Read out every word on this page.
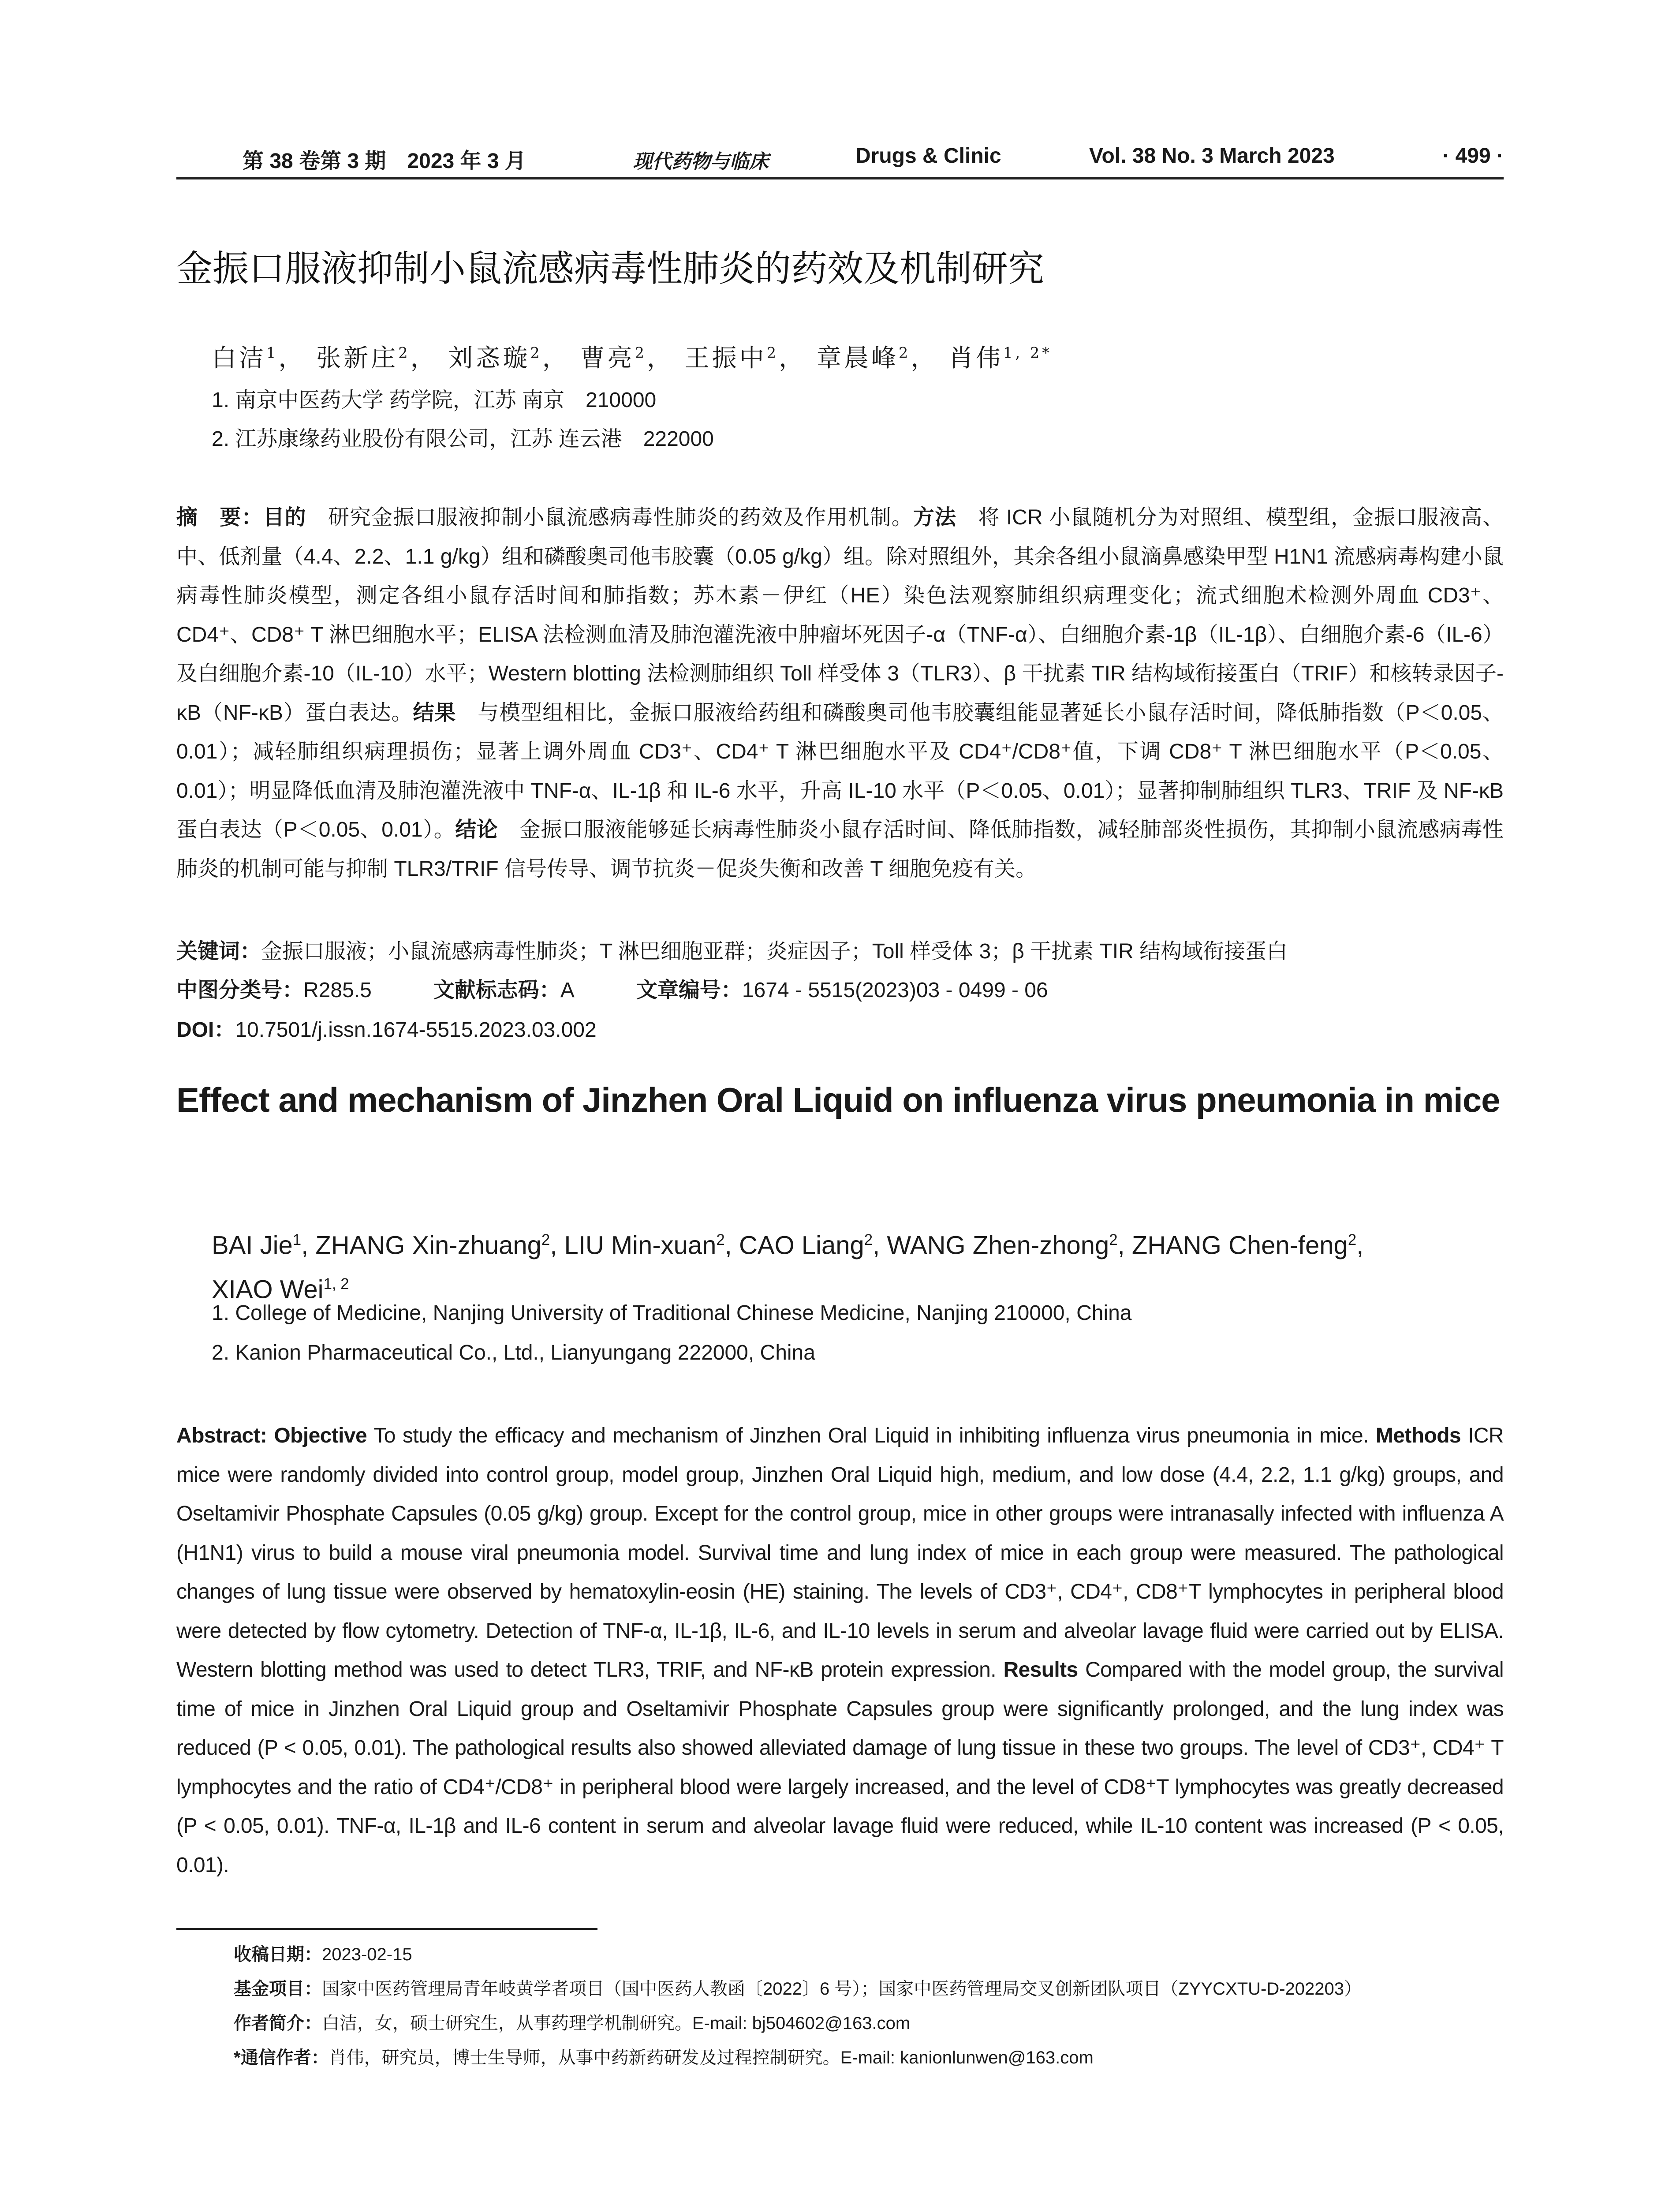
第 38 卷第 3 期　2023 年 3 月	现代药物与临床	Drugs & Clinic	Vol. 38 No. 3 March 2023	· 499 ·
金振口服液抑制小鼠流感病毒性肺炎的药效及机制研究
白洁$^1$， 张新庄$^2$， 刘忞璇$^2$， 曹亮$^2$， 王振中$^2$， 章晨峰$^2$， 肖伟$^{1, 2*}$
1. 南京中医药大学 药学院，江苏 南京　210000
2. 江苏康缘药业股份有限公司，江苏 连云港　222000
摘　要：目的　研究金振口服液抑制小鼠流感病毒性肺炎的药效及作用机制。方法　将 ICR 小鼠随机分为对照组、模型组，金振口服液高、中、低剂量（4.4、2.2、1.1 g/kg）组和磷酸奥司他韦胶囊（0.05 g/kg）组。除对照组外，其余各组小鼠滴鼻感染甲型 H1N1 流感病毒构建小鼠病毒性肺炎模型，测定各组小鼠存活时间和肺指数；苏木素－伊红（HE）染色法观察肺组织病理变化；流式细胞术检测外周血 CD3⁺、CD4⁺、CD8⁺ T 淋巴细胞水平；ELISA 法检测血清及肺泡灌洗液中肿瘤坏死因子-α（TNF-α）、白细胞介素-1β（IL-1β）、白细胞介素-6（IL-6）及白细胞介素-10（IL-10）水平；Western blotting 法检测肺组织 Toll 样受体 3（TLR3）、β 干扰素 TIR 结构域衔接蛋白（TRIF）和核转录因子-κB（NF-κB）蛋白表达。结果　与模型组相比，金振口服液给药组和磷酸奥司他韦胶囊组能显著延长小鼠存活时间，降低肺指数（P＜0.05、0.01）；减轻肺组织病理损伤；显著上调外周血 CD3⁺、CD4⁺ T 淋巴细胞水平及 CD4⁺/CD8⁺值，下调 CD8⁺ T 淋巴细胞水平（P＜0.05、0.01）；明显降低血清及肺泡灌洗液中 TNF-α、IL-1β 和 IL-6 水平，升高 IL-10 水平（P＜0.05、0.01）；显著抑制肺组织 TLR3、TRIF 及 NF-κB 蛋白表达（P＜0.05、0.01）。结论　金振口服液能够延长病毒性肺炎小鼠存活时间、降低肺指数，减轻肺部炎性损伤，其抑制小鼠流感病毒性肺炎的机制可能与抑制 TLR3/TRIF 信号传导、调节抗炎－促炎失衡和改善 T 细胞免疫有关。
关键词：金振口服液；小鼠流感病毒性肺炎；T 淋巴细胞亚群；炎症因子；Toll 样受体 3；β 干扰素 TIR 结构域衔接蛋白
中图分类号：R285.5	文献标志码：A	文章编号：1674 - 5515(2023)03 - 0499 - 06
DOI：10.7501/j.issn.1674-5515.2023.03.002
Effect and mechanism of Jinzhen Oral Liquid on influenza virus pneumonia in mice
BAI Jie$^1$, ZHANG Xin-zhuang$^2$, LIU Min-xuan$^2$, CAO Liang$^2$, WANG Zhen-zhong$^2$, ZHANG Chen-feng$^2$,
XIAO Wei$^{1, 2}$
1. College of Medicine, Nanjing University of Traditional Chinese Medicine, Nanjing 210000, China
2. Kanion Pharmaceutical Co., Ltd., Lianyungang 222000, China
Abstract: Objective To study the efficacy and mechanism of Jinzhen Oral Liquid in inhibiting influenza virus pneumonia in mice. Methods ICR mice were randomly divided into control group, model group, Jinzhen Oral Liquid high, medium, and low dose (4.4, 2.2, 1.1 g/kg) groups, and Oseltamivir Phosphate Capsules (0.05 g/kg) group. Except for the control group, mice in other groups were intranasally infected with influenza A (H1N1) virus to build a mouse viral pneumonia model. Survival time and lung index of mice in each group were measured. The pathological changes of lung tissue were observed by hematoxylin-eosin (HE) staining. The levels of CD3⁺, CD4⁺, CD8⁺T lymphocytes in peripheral blood were detected by flow cytometry. Detection of TNF-α, IL-1β, IL-6, and IL-10 levels in serum and alveolar lavage fluid were carried out by ELISA. Western blotting method was used to detect TLR3, TRIF, and NF-κB protein expression. Results Compared with the model group, the survival time of mice in Jinzhen Oral Liquid group and Oseltamivir Phosphate Capsules group were significantly prolonged, and the lung index was reduced (P < 0.05, 0.01). The pathological results also showed alleviated damage of lung tissue in these two groups. The level of CD3⁺, CD4⁺ T lymphocytes and the ratio of CD4⁺/CD8⁺ in peripheral blood were largely increased, and the level of CD8⁺T lymphocytes was greatly decreased (P < 0.05, 0.01). TNF-α, IL-1β and IL-6 content in serum and alveolar lavage fluid were reduced, while IL-10 content was increased (P < 0.05, 0.01).
收稿日期：2023-02-15
基金项目：国家中医药管理局青年岐黄学者项目（国中医药人教函〔2022〕6 号）；国家中医药管理局交叉创新团队项目（ZYYCXTU-D-202203）
作者简介：白洁，女，硕士研究生，从事药理学机制研究。E-mail: bj504602@163.com
*通信作者：肖伟，研究员，博士生导师，从事中药新药研发及过程控制研究。E-mail: kanionlunwen@163.com
